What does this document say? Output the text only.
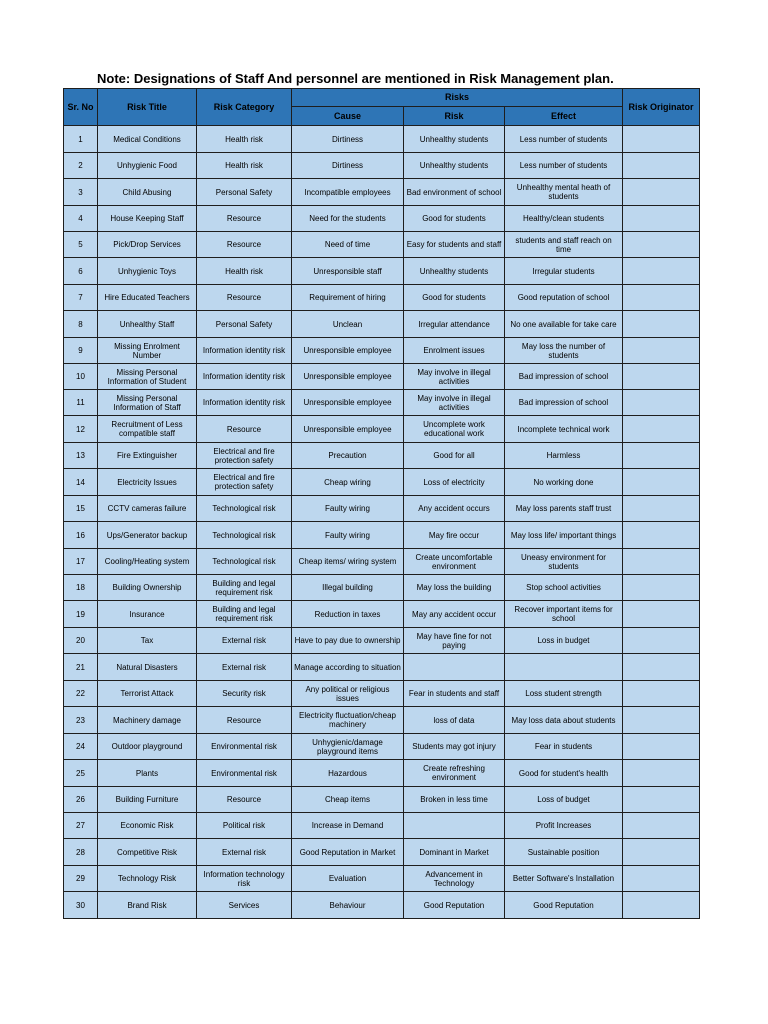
Note: Designations of Staff And personnel are mentioned in Risk Management plan.
Sr. No	Risk Title	Risk Category	Risks			Risk Originator
			Cause	Risk	Effect	
1	Medical Conditions	Health risk	Dirtiness	Unhealthy students	Less number of students	
2	Unhygienic Food	Health risk	Dirtiness	Unhealthy students	Less number of students	
3	Child Abusing	Personal Safety	Incompatible employees	Bad environment of school	Unhealthy mental heath of students	
4	House Keeping Staff	Resource	Need for the students	Good for students	Healthy/clean students	
5	Pick/Drop Services	Resource	Need of time	Easy for students and staff	students and staff reach on time	
6	Unhygienic Toys	Health risk	Unresponsible staff	Unhealthy students	Irregular students	
7	Hire Educated Teachers	Resource	Requirement of hiring	Good for students	Good reputation of school	
8	Unhealthy Staff	Personal Safety	Unclean	Irregular attendance	No one available for take care	
9	Missing Enrolment Number	Information identity risk	Unresponsible employee	Enrolment issues	May loss the number of students	
10	Missing Personal Information of Student	Information identity risk	Unresponsible employee	May involve in illegal activities	Bad impression of school	
11	Missing Personal Information of Staff	Information identity risk	Unresponsible employee	May involve in illegal activities	Bad impression of school	
12	Recruitment of Less compatible staff	Resource	Unresponsible employee	Uncomplete work educational work	Incomplete technical work	
13	Fire Extinguisher	Electrical and fire protection safety	Precaution	Good for all	Harmless	
14	Electricity Issues	Electrical and fire protection safety	Cheap wiring	Loss of electricity	No working done	
15	CCTV cameras failure	Technological risk	Faulty wiring	Any accident occurs	May loss parents staff trust	
16	Ups/Generator backup	Technological risk	Faulty wiring	May fire occur	May loss life/ important things	
17	Cooling/Heating system	Technological risk	Cheap items/ wiring system	Create uncomfortable environment	Uneasy environment for students	
18	Building Ownership	Building and legal requirement risk	Illegal building	May loss the building	Stop school activities	
19	Insurance	Building and legal requirement risk	Reduction in taxes	May any accident occur	Recover important items for school	
20	Tax	External risk	Have to pay due to ownership	May have fine for not paying	Loss in budget	
21	Natural Disasters	External risk	Manage according to situation			
22	Terrorist Attack	Security risk	Any political or religious issues	Fear in students and staff	Loss student strength	
23	Machinery damage	Resource	Electricity fluctuation/cheap machinery	loss of data	May loss data about students	
24	Outdoor playground	Environmental risk	Unhygienic/damage playground items	Students may got injury	Fear in students	
25	Plants	Environmental risk	Hazardous	Create refreshing environment	Good for student's health	
26	Building Furniture	Resource	Cheap items	Broken in less time	Loss of budget	
27	Economic Risk	Political risk	Increase in Demand		Profit Increases	
28	Competitive Risk	External risk	Good Reputation in Market	Dominant in Market	Sustainable position	
29	Technology Risk	Information technology risk	Evaluation	Advancement in Technology	Better Software's Installation	
30	Brand Risk	Services	Behaviour	Good Reputation	Good Reputation	
